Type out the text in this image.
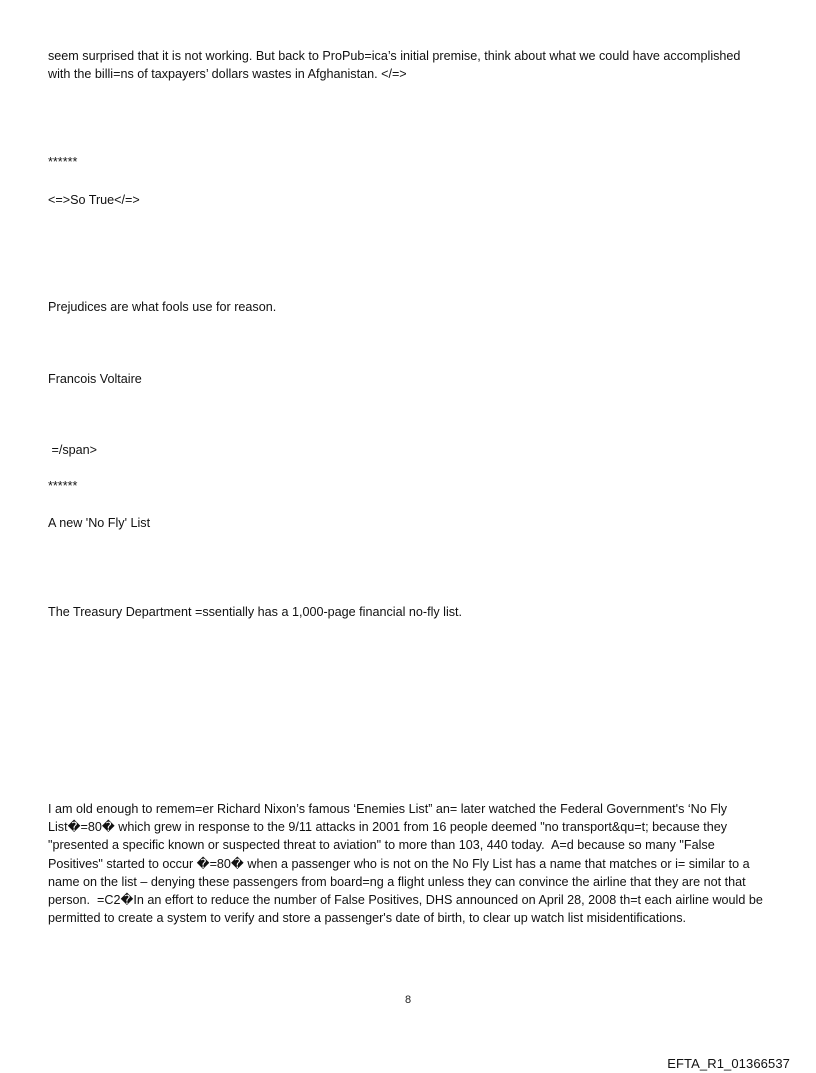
seem surprised that it is not working. But back to ProPub=ica’s initial premise, think about what we could have accomplished with the billi=ns of taxpayers’ dollars wastes in Afghanistan. </=>

******

<=>So True</=>

Prejudices are what fools use for reason.

Francois Voltaire

=/span>

******

A new 'No Fly' List

The Treasury Department =ssentially has a 1,000-page financial no-fly list.

I am old enough to remem=er Richard Nixon’s famous ‘Enemies List” an= later watched the Federal Government's ‘No Fly List�=80� which grew in response to the 9/11 attacks in 2001 from 16 people deemed "no transport&qu=t; because they "presented a specific known or suspected threat to aviation" to more than 103, 440 today.  A=d because so many "False Positives" started to occur �=80� when a passenger who is not on the No Fly List has a name that matches or i= similar to a name on the list – denying these passengers from board=ng a flight unless they can convince the airline that they are not that person.  =C2�In an effort to reduce the number of False Positives, DHS announced on April 28, 2008 th=t each airline would be permitted to create a system to verify and store a passenger's date of birth, to clear up watch list misidentifications.

8
EFTA_R1_01366537
